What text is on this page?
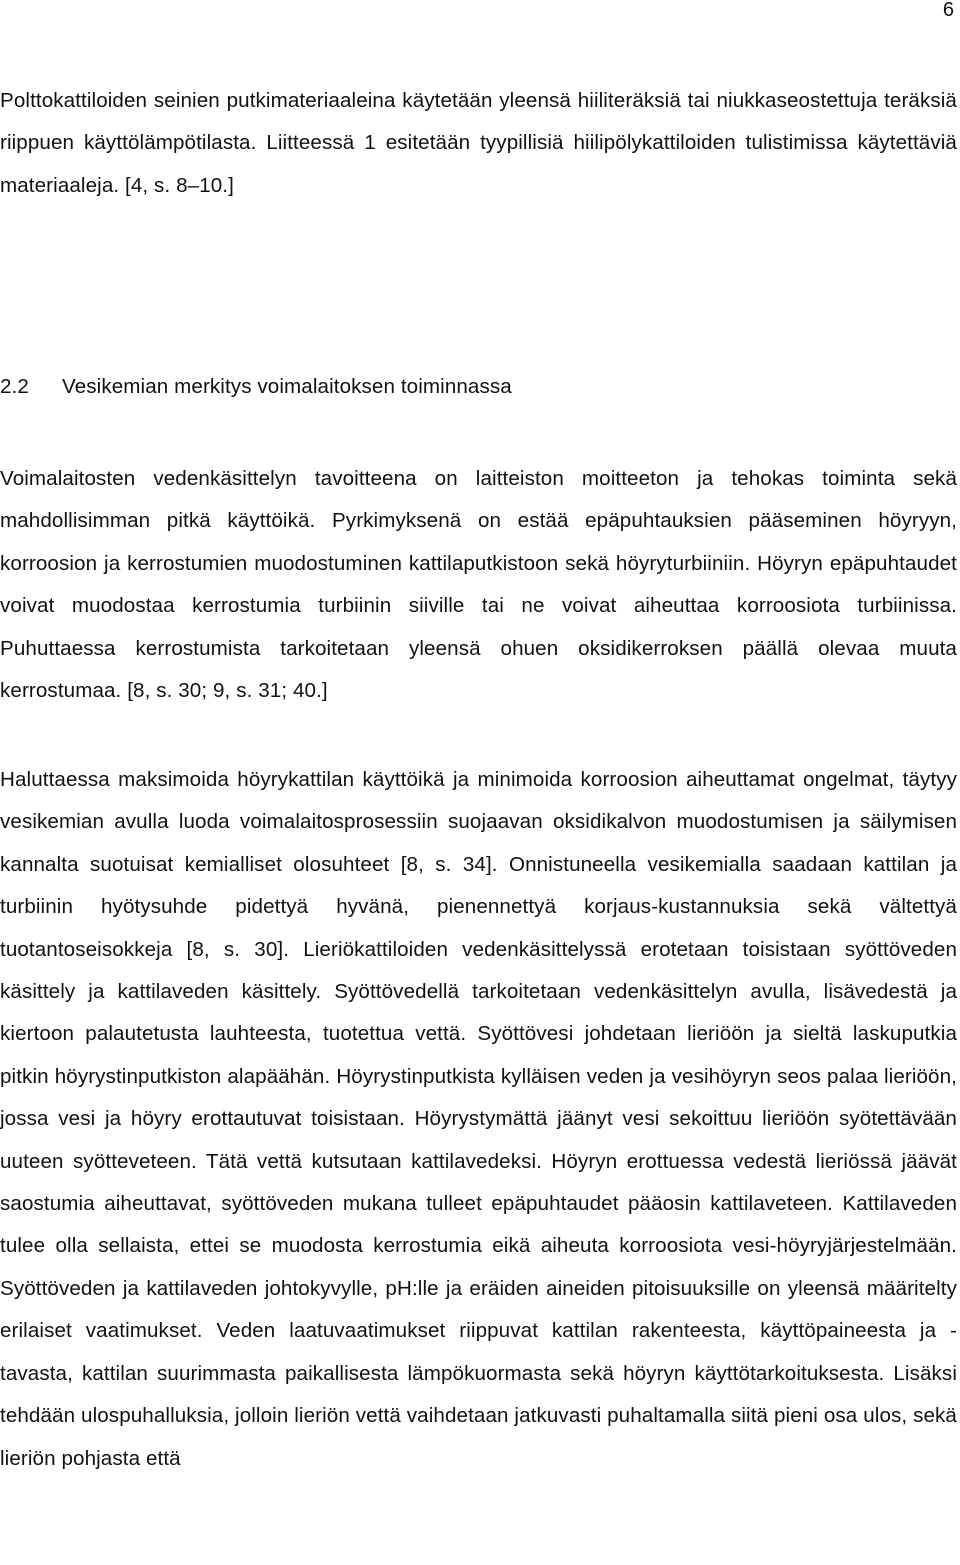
6

Polttokattiloiden seinien putkimateriaaleina käytetään yleensä hiiliteräksiä tai niukkaseostettuja teräksiä riippuen käyttölämpötilasta. Liitteessä 1 esitetään tyypillisiä hiilipölykattiloiden tulistimissa käytettäviä materiaaleja. [4, s. 8–10.]

2.2 Vesikemian merkitys voimalaitoksen toiminnassa

Voimalaitosten vedenkäsittelyn tavoitteena on laitteiston moitteeton ja tehokas toiminta sekä mahdollisimman pitkä käyttöikä. Pyrkimyksenä on estää epäpuhtauksien pääseminen höyryyn, korroosion ja kerrostumien muodostuminen kattilaputkistoon sekä höyryturbiiniin. Höyryn epäpuhtaudet voivat muodostaa kerrostumia turbiinin siiville tai ne voivat aiheuttaa korroosiota turbiinissa. Puhuttaessa kerrostumista tarkoitetaan yleensä ohuen oksidikerroksen päällä olevaa muuta kerrostumaa. [8, s. 30; 9, s. 31; 40.]

Haluttaessa maksimoida höyrykattilan käyttöikä ja minimoida korroosion aiheuttamat ongelmat, täytyy vesikemian avulla luoda voimalaitosprosessiin suojaavan oksidikalvon muodostumisen ja säilymisen kannalta suotuisat kemialliset olosuhteet [8, s. 34]. Onnistuneella vesikemialla saadaan kattilan ja turbiinin hyötysuhde pidettyä hyvänä, pienennettyä korjaus-kustannuksia sekä vältettyä tuotantoseisokkeja [8, s. 30]. Lieriökattiloiden vedenkäsittelyssä erotetaan toisistaan syöttöveden käsittely ja kattilaveden käsittely. Syöttövedellä tarkoitetaan vedenkäsittelyn avulla, lisävedestä ja kiertoon palautetusta lauhteesta, tuotettua vettä. Syöttövesi johdetaan lieriöön ja sieltä laskuputkia pitkin höyrystinputkiston alapäähän. Höyrystinputkista kylläisen veden ja vesihöyryn seos palaa lieriöön, jossa vesi ja höyry erottautuvat toisistaan. Höyrystymättä jäänyt vesi sekoittuu lieriöön syötettävään uuteen syötteveteen. Tätä vettä kutsutaan kattilavedeksi. Höyryn erottuessa vedestä lieriössä jäävät saostumia aiheuttavat, syöttöveden mukana tulleet epäpuhtaudet pääosin kattilaveteen. Kattilaveden tulee olla sellaista, ettei se muodosta kerrostumia eikä aiheuta korroosiota vesi-höyryjärjestelmään. Syöttöveden ja kattilaveden johtokyvylle, pH:lle ja eräiden aineiden pitoisuuksille on yleensä määritelty erilaiset vaatimukset. Veden laatuvaatimukset riippuvat kattilan rakenteesta, käyttöpaineesta ja -tavasta, kattilan suurimmasta paikallisesta lämpökuormasta sekä höyryn käyttötarkoituksesta. Lisäksi tehdään ulospuhalluksia, jolloin lieriön vettä vaihdetaan jatkuvasti puhaltamalla siitä pieni osa ulos, sekä lieriön pohjasta että
